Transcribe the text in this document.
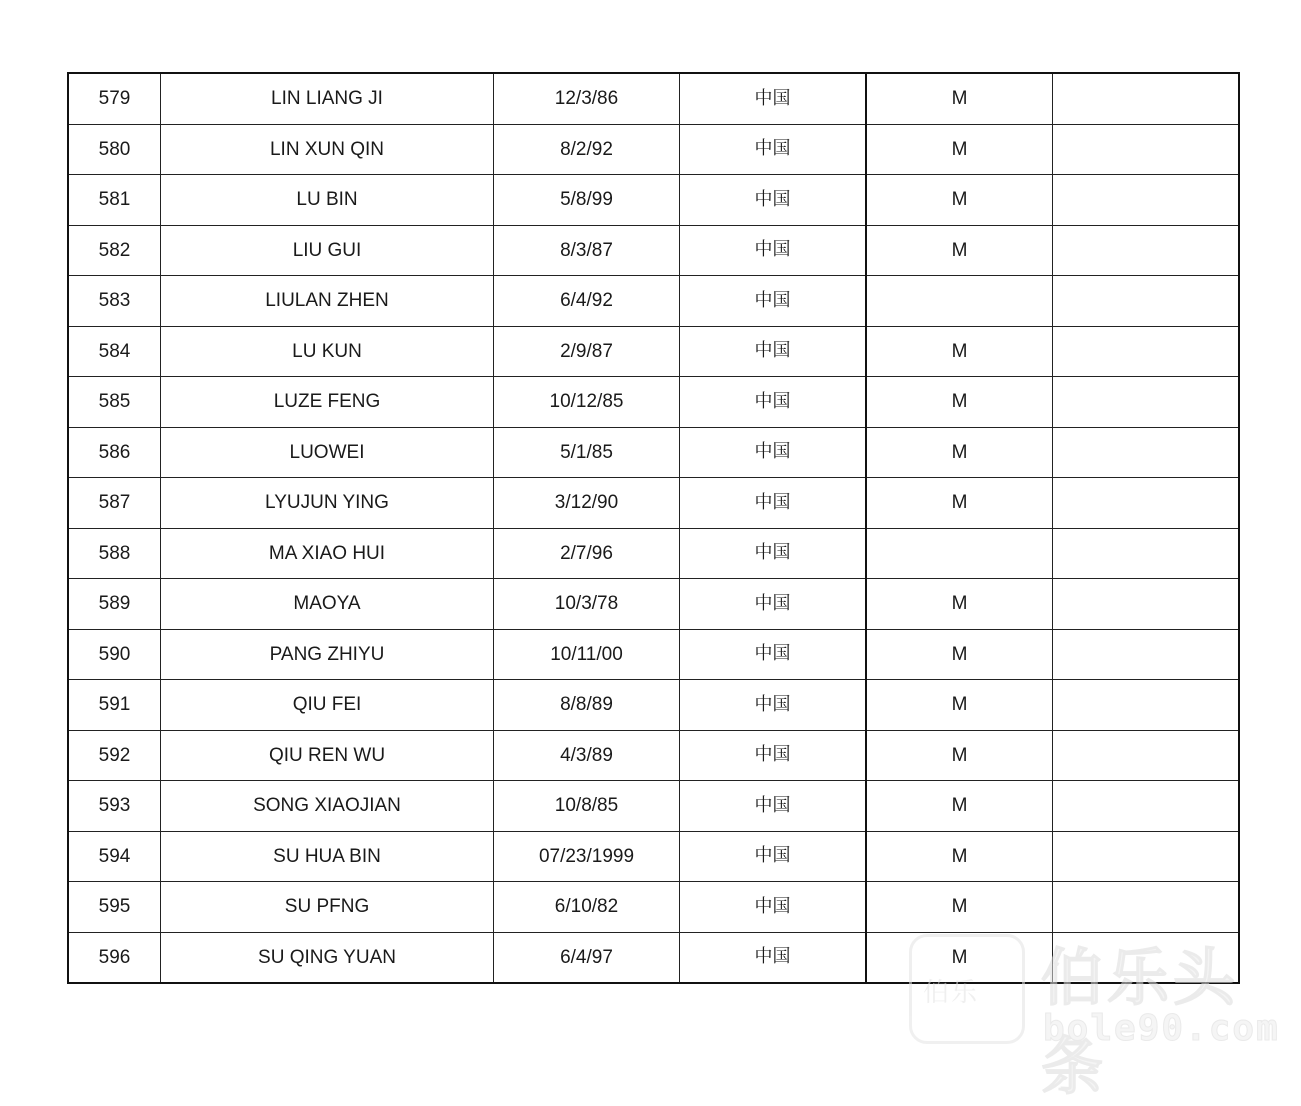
579	LIN LIANG JI	12/3/86	中国	M	
580	LIN XUN QIN	8/2/92	中国	M	
581	LU BIN	5/8/99	中国	M	
582	LIU GUI	8/3/87	中国	M	
583	LIULAN ZHEN	6/4/92	中国		
584	LU KUN	2/9/87	中国	M	
585	LUZE FENG	10/12/85	中国	M	
586	LUOWEI	5/1/85	中国	M	
587	LYUJUN YING	3/12/90	中国	M	
588	MA XIAO HUI	2/7/96	中国		
589	MAOYA	10/3/78	中国	M	
590	PANG ZHIYU	10/11/00	中国	M	
591	QIU FEI	8/8/89	中国	M	
592	QIU REN WU	4/3/89	中国	M	
593	SONG XIAOJIAN	10/8/85	中国	M	
594	SU HUA BIN	07/23/1999	中国	M	
595	SU PFNG	6/10/82	中国	M	
596	SU QING YUAN	6/4/97	中国	M	
伯乐 伯乐头条
bole90.com
